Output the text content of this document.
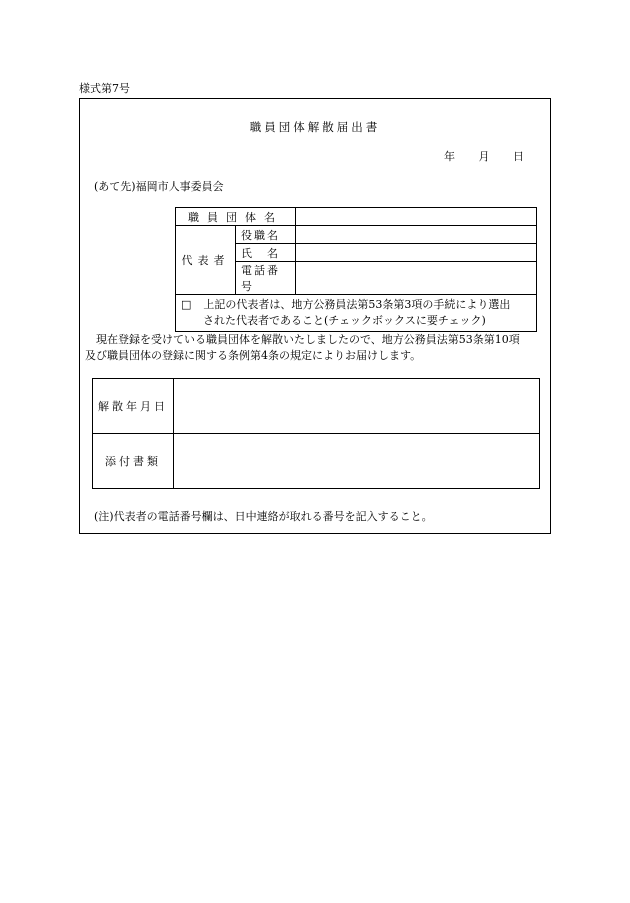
様式第7号
職員団体解散届出書
年 月 日
(あて先)福岡市人事委員会
職員団体名		
代表者	役職名	
	氏　名	
	電話番号	

□ 上記の代表者は、地方公務員法第53条第3項の手続により選出
された代表者であること(チェックボックスに要チェック)		

現在登録を受けている職員団体を解散いたしましたので、地方公務員法第53条第10項

及び職員団体の登録に関する条例第4条の規定によりお届けします。

解散年月日	
添付書類	
(注)代表者の電話番号欄は、日中連絡が取れる番号を記入すること。
